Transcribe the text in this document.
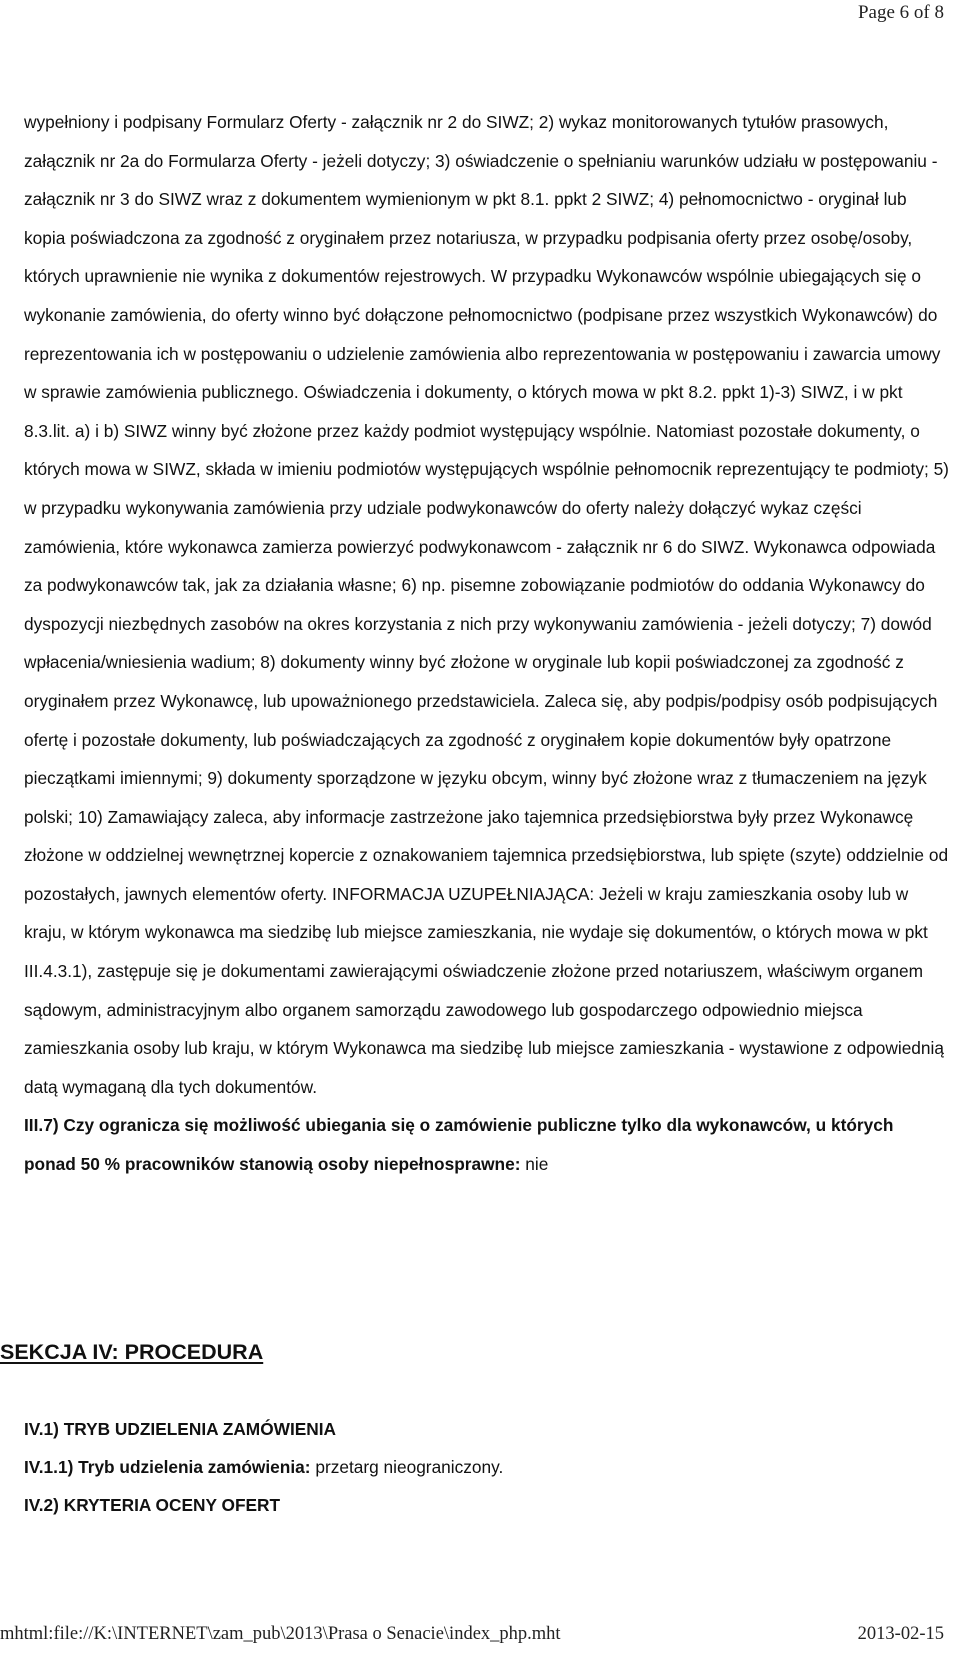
Page 6 of 8

wypełniony i podpisany Formularz Oferty - załącznik nr 2 do SIWZ; 2) wykaz monitorowanych tytułów prasowych, załącznik nr 2a do Formularza Oferty - jeżeli dotyczy; 3) oświadczenie o spełnianiu warunków udziału w postępowaniu - załącznik nr 3 do SIWZ wraz z dokumentem wymienionym w pkt 8.1. ppkt 2 SIWZ; 4) pełnomocnictwo - oryginał lub kopia poświadczona za zgodność z oryginałem przez notariusza, w przypadku podpisania oferty przez osobę/osoby, których uprawnienie nie wynika z dokumentów rejestrowych. W przypadku Wykonawców wspólnie ubiegających się o wykonanie zamówienia, do oferty winno być dołączone pełnomocnictwo (podpisane przez wszystkich Wykonawców) do reprezentowania ich w postępowaniu o udzielenie zamówienia albo reprezentowania w postępowaniu i zawarcia umowy w sprawie zamówienia publicznego. Oświadczenia i dokumenty, o których mowa w pkt 8.2. ppkt 1)-3) SIWZ, i w pkt 8.3.lit. a) i b) SIWZ winny być złożone przez każdy podmiot występujący wspólnie. Natomiast pozostałe dokumenty, o których mowa w SIWZ, składa w imieniu podmiotów występujących wspólnie pełnomocnik reprezentujący te podmioty; 5) w przypadku wykonywania zamówienia przy udziale podwykonawców do oferty należy dołączyć wykaz części zamówienia, które wykonawca zamierza powierzyć podwykonawcom - załącznik nr 6 do SIWZ. Wykonawca odpowiada za podwykonawców tak, jak za działania własne; 6) np. pisemne zobowiązanie podmiotów do oddania Wykonawcy do dyspozycji niezbędnych zasobów na okres korzystania z nich przy wykonywaniu zamówienia - jeżeli dotyczy; 7) dowód wpłacenia/wniesienia wadium; 8) dokumenty winny być złożone w oryginale lub kopii poświadczonej za zgodność z oryginałem przez Wykonawcę, lub upoważnionego przedstawiciela. Zaleca się, aby podpis/podpisy osób podpisujących ofertę i pozostałe dokumenty, lub poświadczających za zgodność z oryginałem kopie dokumentów były opatrzone pieczątkami imiennymi; 9) dokumenty sporządzone w języku obcym, winny być złożone wraz z tłumaczeniem na język polski; 10) Zamawiający zaleca, aby informacje zastrzeżone jako tajemnica przedsiębiorstwa były przez Wykonawcę złożone w oddzielnej wewnętrznej kopercie z oznakowaniem tajemnica przedsiębiorstwa, lub spięte (szyte) oddzielnie od pozostałych, jawnych elementów oferty. INFORMACJA UZUPEŁNIAJĄCA: Jeżeli w kraju zamieszkania osoby lub w kraju, w którym wykonawca ma siedzibę lub miejsce zamieszkania, nie wydaje się dokumentów, o których mowa w pkt III.4.3.1), zastępuje się je dokumentami zawierającymi oświadczenie złożone przed notariuszem, właściwym organem sądowym, administracyjnym albo organem samorządu zawodowego lub gospodarczego odpowiednio miejsca zamieszkania osoby lub kraju, w którym Wykonawca ma siedzibę lub miejsce zamieszkania - wystawione z odpowiednią datą wymaganą dla tych dokumentów.

III.7) Czy ogranicza się możliwość ubiegania się o zamówienie publiczne tylko dla wykonawców, u których ponad 50 % pracowników stanowią osoby niepełnosprawne: nie

SEKCJA IV: PROCEDURA
IV.1) TRYB UDZIELENIA ZAMÓWIENIA
IV.1.1) Tryb udzielenia zamówienia: przetarg nieograniczony.
IV.2) KRYTERIA OCENY OFERT
mhtml:file://K:\INTERNET\zam_pub\2013\Prasa o Senacie\index_php.mht	2013-02-15
